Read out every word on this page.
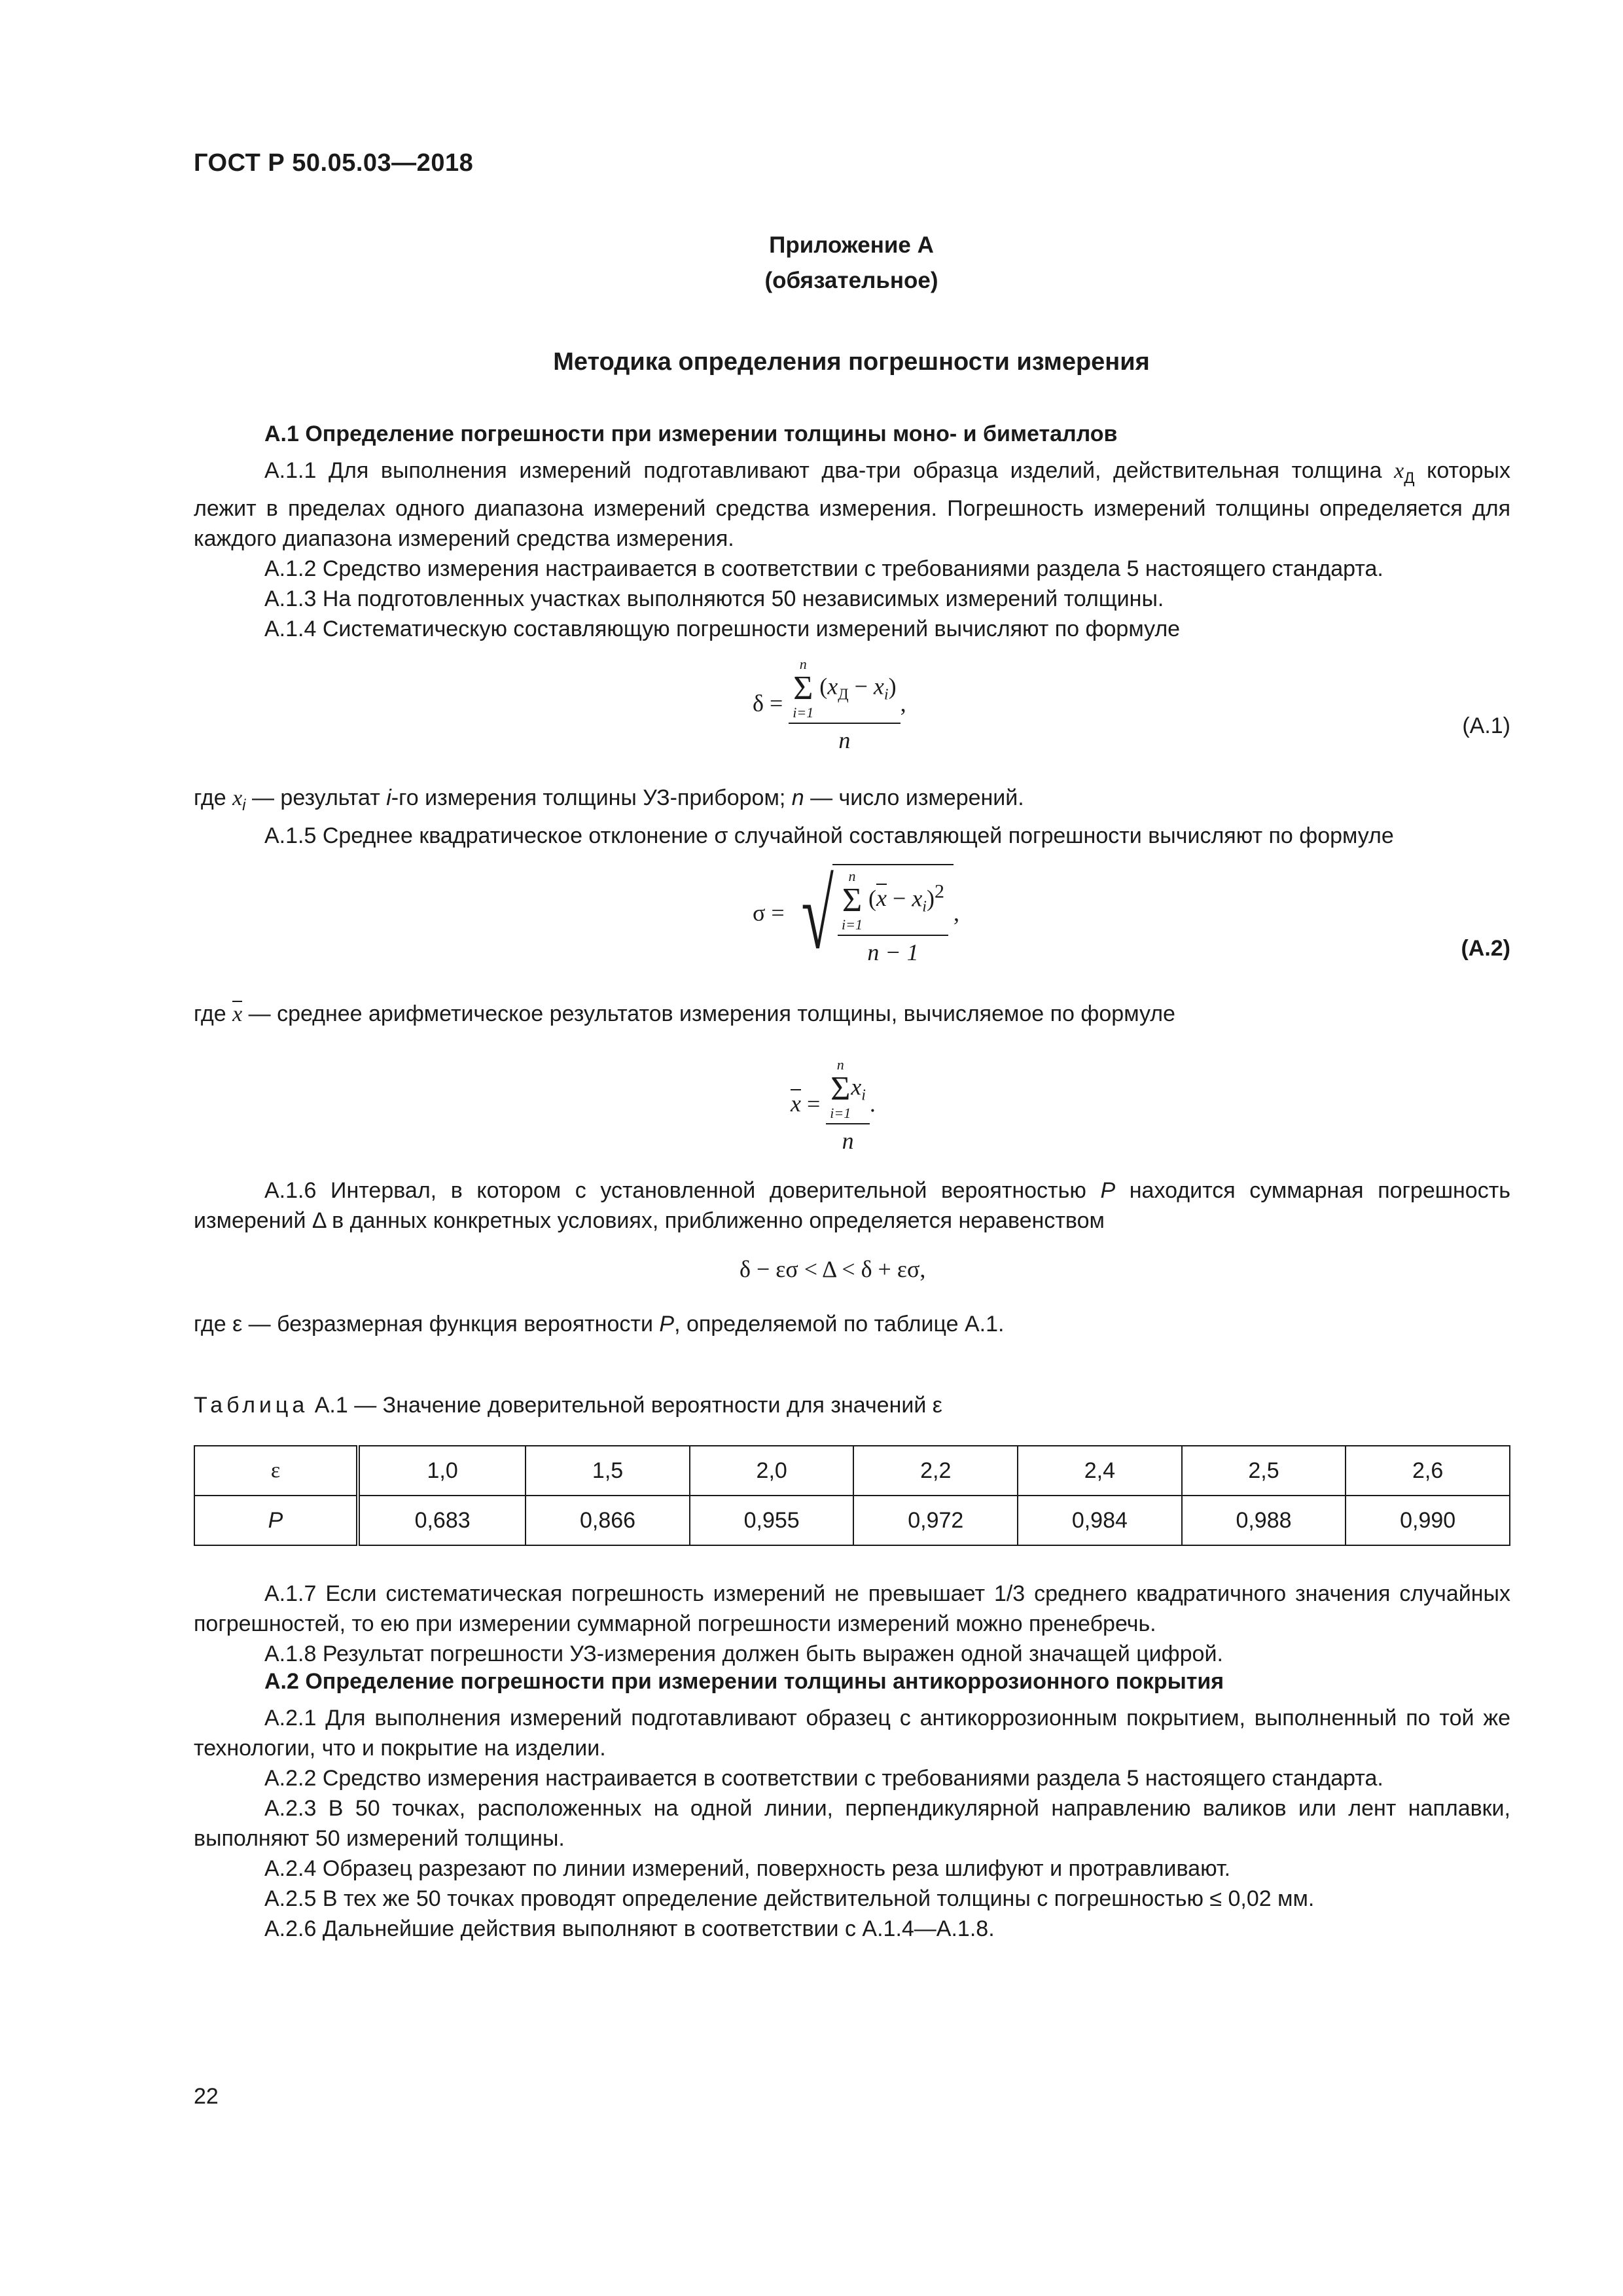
ГОСТ Р 50.05.03—2018
Приложение А
(обязательное)
Методика определения погрешности измерения
А.1 Определение погрешности при измерении толщины моно- и биметаллов

А.1.1 Для выполнения измерений подготавливают два-три образца изделий, действительная толщина $x_Д$ которых лежит в пределах одного диапазона измерений средства измерения. Погрешность измерений толщины определяется для каждого диапазона измерений средства измерения.

А.1.2 Средство измерения настраивается в соответствии с требованиями раздела 5 настоящего стандарта.

А.1.3 На подготовленных участках выполняются 50 независимых измерений толщины.

А.1.4 Систематическую составляющую погрешности измерений вычисляют по формуле

δ = n
Σ
i=1
$(x_Д - x_i)$
n ,
(А.1)

где $x_i$ — результат i-го измерения толщины УЗ-прибором; n — число измерений.

А.1.5 Среднее квадратическое отклонение σ случайной составляющей погрешности вычисляют по формуле

σ = √ n
Σ
i=1
$(x - x_i)^2$
n − 1 ,
(А.2)

где x — среднее арифметическое результатов измерения толщины, вычисляемое по формуле

x = n
Σ
i=1
$x_i$
n .

А.1.6 Интервал, в котором с установленной доверительной вероятностью P находится суммарная погрешность измерений Δ в данных конкретных условиях, приближенно определяется неравенством

δ − εσ < Δ < δ + εσ,

где ε — безразмерная функция вероятности P, определяемой по таблице А.1.

Таблица А.1 — Значение доверительной вероятности для значений ε
ε	1,0	1,5	2,0	2,2	2,4	2,5	2,6
P	0,683	0,866	0,955	0,972	0,984	0,988	0,990

А.1.7 Если систематическая погрешность измерений не превышает 1/3 среднего квадратичного значения случайных погрешностей, то ею при измерении суммарной погрешности измерений можно пренебречь.

А.1.8 Результат погрешности УЗ-измерения должен быть выражен одной значащей цифрой.

А.2 Определение погрешности при измерении толщины антикоррозионного покрытия

А.2.1 Для выполнения измерений подготавливают образец с антикоррозионным покрытием, выполненный по той же технологии, что и покрытие на изделии.

А.2.2 Средство измерения настраивается в соответствии с требованиями раздела 5 настоящего стандарта.

А.2.3 В 50 точках, расположенных на одной линии, перпендикулярной направлению валиков или лент наплавки, выполняют 50 измерений толщины.

А.2.4 Образец разрезают по линии измерений, поверхность реза шлифуют и протравливают.

А.2.5 В тех же 50 точках проводят определение действительной толщины с погрешностью ≤ 0,02 мм.

А.2.6 Дальнейшие действия выполняют в соответствии с А.1.4—А.1.8.

22
